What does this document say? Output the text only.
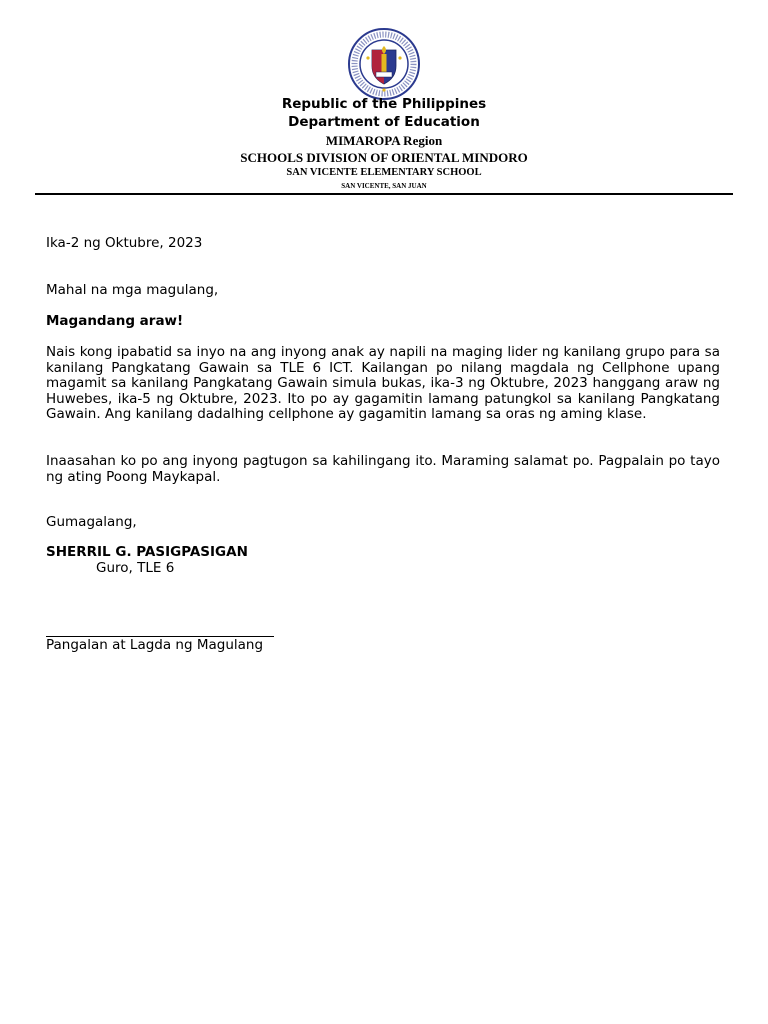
Republic of the Philippines
Department of Education
MIMAROPA Region
SCHOOLS DIVISION OF ORIENTAL MINDORO
SAN VICENTE ELEMENTARY SCHOOL
SAN VICENTE, SAN JUAN
Ika-2 ng Oktubre, 2023
Mahal na mga magulang,
Magandang araw!
Nais kong ipabatid sa inyo na ang inyong anak ay napili na maging lider ng kanilang grupo para sa kanilang Pangkatang Gawain sa TLE 6 ICT. Kailangan po nilang magdala ng Cellphone upang magamit sa kanilang Pangkatang Gawain simula bukas, ika-3 ng Oktubre, 2023 hanggang araw ng Huwebes, ika-5 ng Oktubre, 2023. Ito po ay gagamitin lamang patungkol sa kanilang Pangkatang Gawain. Ang kanilang dadalhing cellphone ay gagamitin lamang sa oras ng aming klase.
Inaasahan ko po ang inyong pagtugon sa kahilingang ito. Maraming salamat po. Pagpalain po tayo ng ating Poong Maykapal.
Gumagalang,
SHERRIL G. PASIGPASIGAN
Guro, TLE 6
Pangalan at Lagda ng Magulang
